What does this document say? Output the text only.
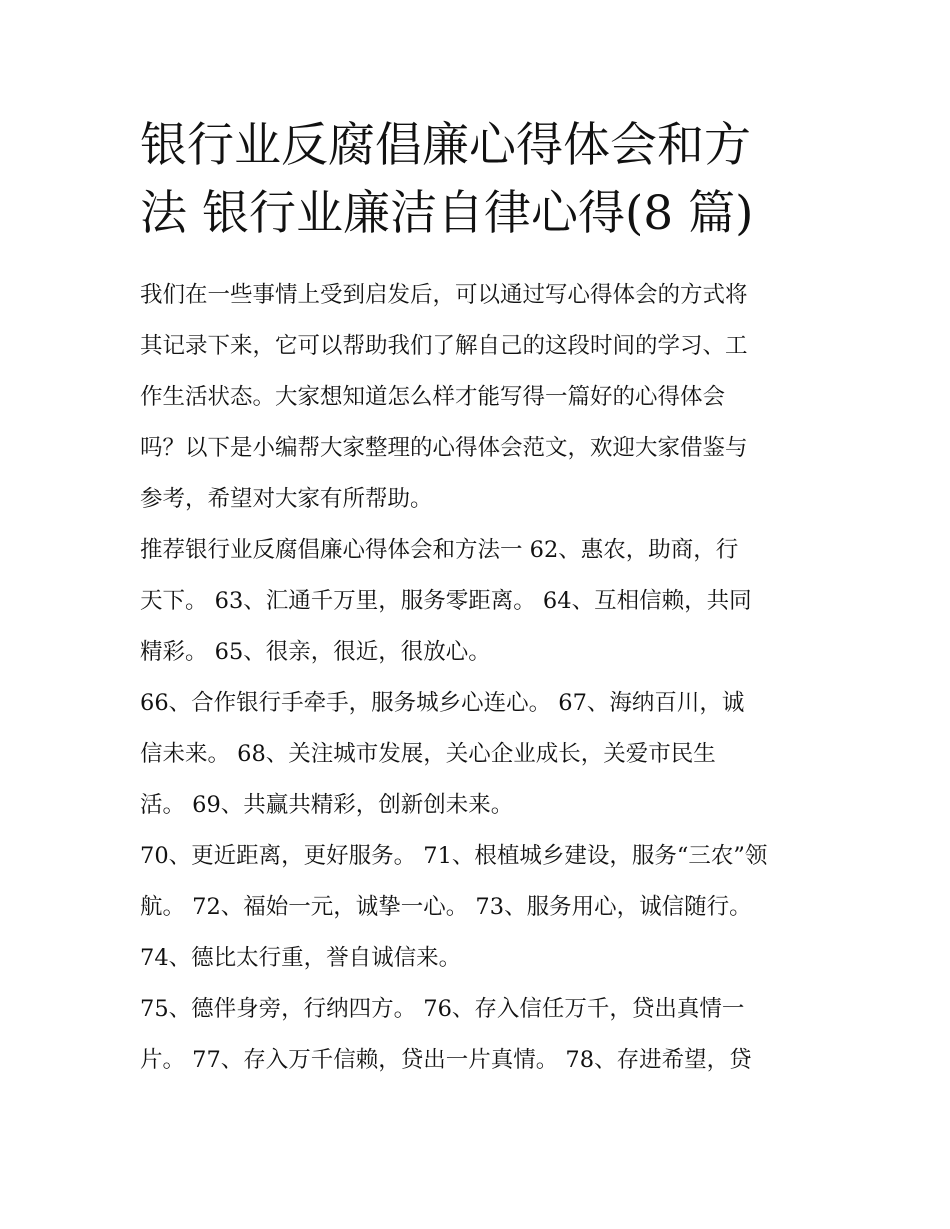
银行业反腐倡廉心得体会和方
法 银行业廉洁自律心得(8 篇)

我们在一些事情上受到启发后，可以通过写心得体会的方式将
其记录下来，它可以帮助我们了解自己的这段时间的学习、工
作生活状态。大家想知道怎么样才能写得一篇好的心得体会
吗？以下是小编帮大家整理的心得体会范文，欢迎大家借鉴与
参考，希望对大家有所帮助。

推荐银行业反腐倡廉心得体会和方法一 62、惠农，助商，行
天下。 63、汇通千万里，服务零距离。 64、互相信赖，共同
精彩。 65、很亲，很近，很放心。

66、合作银行手牵手，服务城乡心连心。 67、海纳百川，诚
信未来。 68、关注城市发展，关心企业成长，关爱市民生
活。 69、共赢共精彩，创新创未来。

70、更近距离，更好服务。 71、根植城乡建设，服务“三农”领
航。 72、福始一元，诚挚一心。 73、服务用心，诚信随行。
74、德比太行重，誉自诚信来。

75、德伴身旁，行纳四方。 76、存入信任万千，贷出真情一
片。 77、存入万千信赖，贷出一片真情。 78、存进希望，贷
